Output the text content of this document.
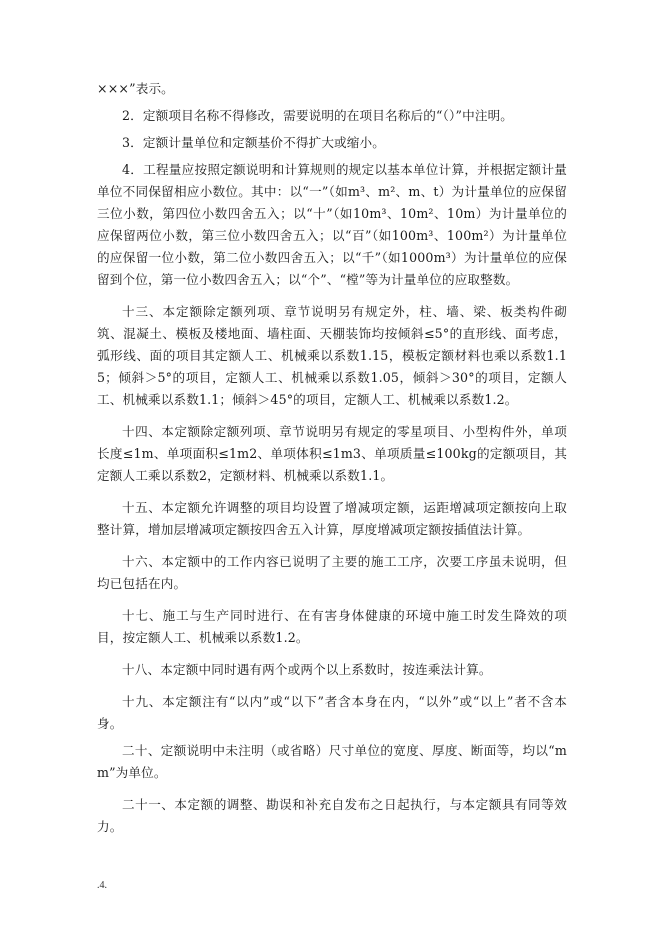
×××”表示。

2．定额项目名称不得修改，需要说明的在项目名称后的“（）”中注明。

3．定额计量单位和定额基价不得扩大或缩小。

4．工程量应按照定额说明和计算规则的规定以基本单位计算，并根据定额计量单位不同保留相应小数位。其中：以“一”（如m³、m²、m、t）为计量单位的应保留三位小数，第四位小数四舍五入；以“十”（如10m³、10m²、10m）为计量单位的应保留两位小数，第三位小数四舍五入；以“百”（如100m³、100m²）为计量单位的应保留一位小数，第二位小数四舍五入；以“千”（如1000m³）为计量单位的应保留到个位，第一位小数四舍五入；以“个”、“樘”等为计量单位的应取整数。

十三、本定额除定额列项、章节说明另有规定外，柱、墙、梁、板类构件砌筑、混凝土、模板及楼地面、墙柱面、天棚装饰均按倾斜≤5°的直形线、面考虑，弧形线、面的项目其定额人工、机械乘以系数1.15，模板定额材料也乘以系数1.15；倾斜＞5°的项目，定额人工、机械乘以系数1.05，倾斜＞30°的项目，定额人工、机械乘以系数1.1；倾斜＞45°的项目，定额人工、机械乘以系数1.2。

十四、本定额除定额列项、章节说明另有规定的零星项目、小型构件外，单项长度≤1m、单项面积≤1m2、单项体积≤1m3、单项质量≤100kg的定额项目，其定额人工乘以系数2，定额材料、机械乘以系数1.1。

十五、本定额允许调整的项目均设置了增减项定额，运距增减项定额按向上取整计算，增加层增减项定额按四舍五入计算，厚度增减项定额按插值法计算。

十六、本定额中的工作内容已说明了主要的施工工序，次要工序虽未说明，但均已包括在内。

十七、施工与生产同时进行、在有害身体健康的环境中施工时发生降效的项目，按定额人工、机械乘以系数1.2。

十八、本定额中同时遇有两个或两个以上系数时，按连乘法计算。

十九、本定额注有“以内”或“以下”者含本身在内，“以外”或“以上”者不含本身。

二十、定额说明中未注明（或省略）尺寸单位的宽度、厚度、断面等，均以“mm”为单位。

二十一、本定额的调整、勘误和补充自发布之日起执行，与本定额具有同等效力。

.4.
